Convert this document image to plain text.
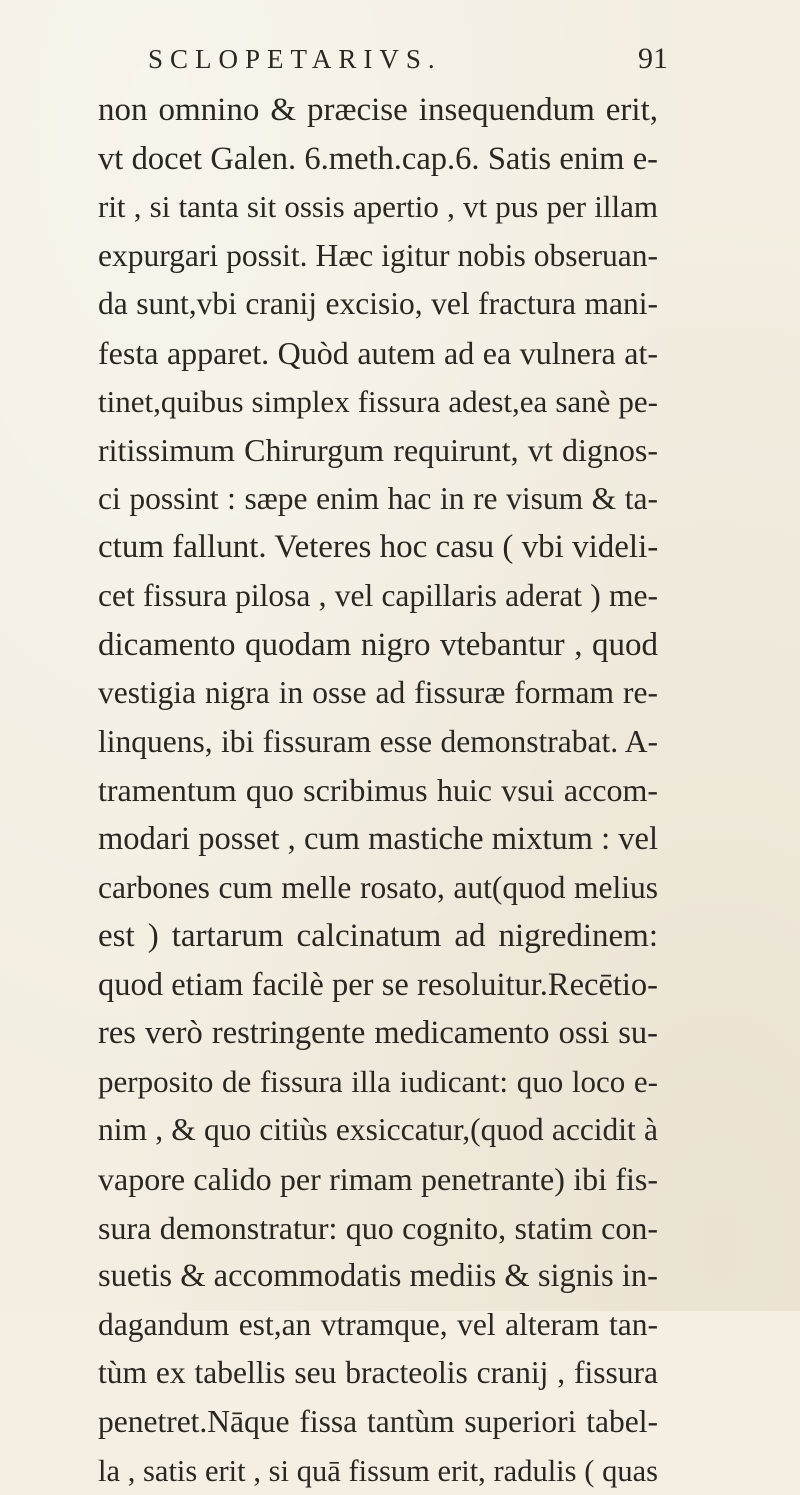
SCLOPETARIVS.	91
non omnino & præcise insequendum erit,
vt docet Galen. 6.meth.cap.6. Satis enim e-
rit , si tanta sit ossis apertio , vt pus per illam
expurgari possit. Hæc igitur nobis obseruan-
da sunt,vbi cranij excisio, vel fractura mani-
festa apparet. Quòd autem ad ea vulnera at-
tinet,quibus simplex fissura adest,ea sanè pe-
ritissimum Chirurgum requirunt, vt dignos-
ci possint : sæpe enim hac in re visum & ta-
ctum fallunt. Veteres hoc casu ( vbi videli-
cet fissura pilosa , vel capillaris aderat ) me-
dicamento quodam nigro vtebantur , quod
vestigia nigra in osse ad fissuræ formam re-
linquens, ibi fissuram esse demonstrabat. A-
tramentum quo scribimus huic vsui accom-
modari posset , cum mastiche mixtum : vel
carbones cum melle rosato, aut(quod melius
est ) tartarum calcinatum ad nigredinem:
quod etiam facilè per se resoluitur.Recētio-
res verò restringente medicamento ossi su-
perposito de fissura illa iudicant: quo loco e-
nim , & quo citiùs exsiccatur,(quod accidit à
vapore calido per rimam penetrante) ibi fis-
sura demonstratur: quo cognito, statim con-
suetis & accommodatis mediis & signis in-
dagandum est,an vtramque, vel alteram tan-
tùm ex tabellis seu bracteolis cranij , fissura
penetret.Nāque fissa tantùm superiori tabel-
la , satis erit , si quā fissum erit, radulis ( quas
